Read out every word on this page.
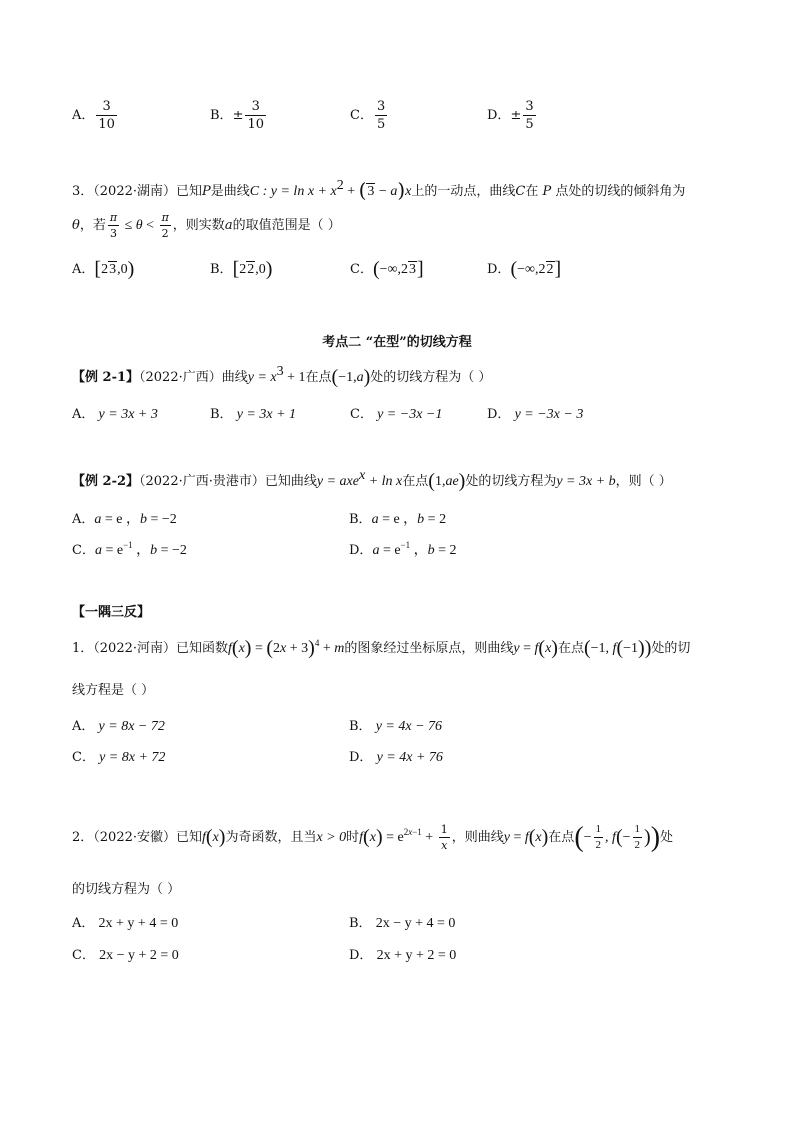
A． $\frac{3}{10}$	B．± $\frac{3}{10}$	C． $\frac{3}{5}$	D．± $\frac{3}{5}$
3．（2022·湖南）已知P是曲线C : $y = \ln x + x^2 + (3 - a)x$上的一动点，曲线C在 P 点处的切线的倾斜角为
θ，若 $\frac{\pi}{3} \le \theta < \frac{\pi}{2}$ ，则实数a的取值范围是（ ）
A．[23,0)	B．[22,0)	C．(−∞,23]	D．(−∞,22]
考点二 “在型”的切线方程
【例 2-1】（2022·广西）曲线$y = x^3 + 1$在点(−1,a)处的切线方程为（ ）
A． y = 3x + 3	B． y = 3x + 1	C． y = −3x −1	D． y = −3x − 3
【例 2-2】（2022·广西·贵港市）已知曲线y = axe$^x$ + ln x在点(1,ae)处的切线方程为y = 3x + b，则（ ）
A．a = e ，b = −2	B．a = e ，b = 2
C．$a = e^{-1}$ ，b = −2	D．$a = e^{-1}$ ，b = 2
【一隅三反】
1．（2022·河南）已知函数$f(x) = (2x + 3)^4 + m$的图象经过坐标原点，则曲线y = f(x)在点(−1, f(−1))处的切
线方程是（ ）
A． y = 8x − 72	B． y = 4x − 76
C． y = 8x + 72	D． y = 4x + 76
2．（2022·安徽）已知f(x)为奇函数，且当x > 0时$f(x) = e^{2x-1} + \frac{1}{x}$ ，则曲线y = f(x)在点(− $\frac{1}{2}$ , $f(- \frac{1}{2}$ ))处
的切线方程为（ ）
A． 2x + y + 4 = 0	B． 2x − y + 4 = 0
C． 2x − y + 2 = 0	D． 2x + y + 2 = 0
